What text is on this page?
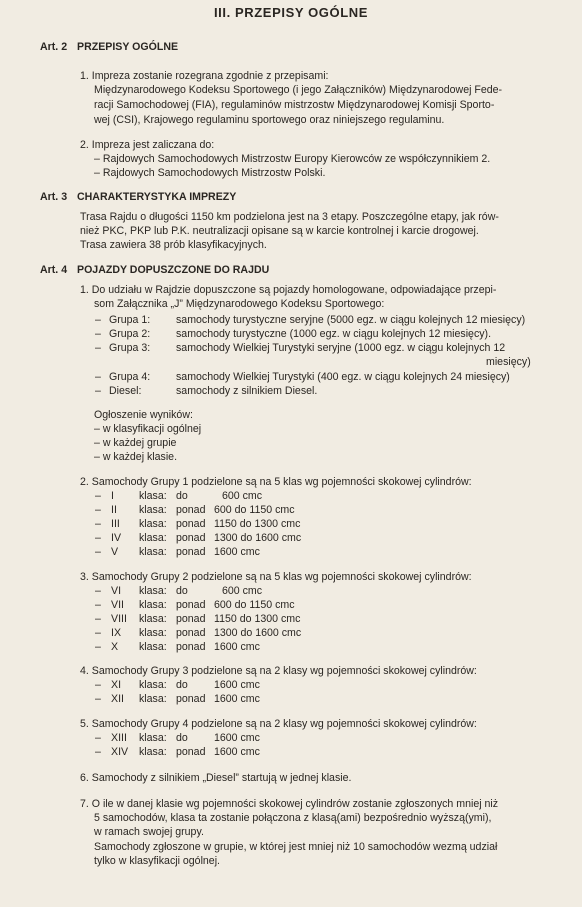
III. PRZEPISY OGÓLNE
Art. 2 PRZEPISY OGÓLNE
1. Impreza zostanie rozegrana zgodnie z przepisami:
Międzynarodowego Kodeksu Sportowego (i jego Załączników) Międzynarodowej Fede-
racji Samochodowej (FIA), regulaminów mistrzostw Międzynarodowej Komisji Sporto-
wej (CSI), Krajowego regulaminu sportowego oraz niniejszego regulaminu.
2. Impreza jest zaliczana do:
– Rajdowych Samochodowych Mistrzostw Europy Kierowców ze współczynnikiem 2.
– Rajdowych Samochodowych Mistrzostw Polski.
Art. 3 CHARAKTERYSTYKA IMPREZY
Trasa Rajdu o długości 1150 km podzielona jest na 3 etapy. Poszczególne etapy, jak rów-
nież PKC, PKP lub P.K. neutralizacji opisane są w karcie kontrolnej i karcie drogowej.
Trasa zawiera 38 prób klasyfikacyjnych.
Art. 4 POJAZDY DOPUSZCZONE DO RAJDU
1. Do udziału w Rajdzie dopuszczone są pojazdy homologowane, odpowiadające przepi-
som Załącznika „J” Międzynarodowego Kodeksu Sportowego:
– Grupa 1: samochody turystyczne seryjne (5000 egz. w ciągu kolejnych 12 miesięcy)
– Grupa 2: samochody turystyczne (1000 egz. w ciągu kolejnych 12 miesięcy).
– Grupa 3: samochody Wielkiej Turystyki seryjne (1000 egz. w ciągu kolejnych 12
miesięcy)
– Grupa 4: samochody Wielkiej Turystyki (400 egz. w ciągu kolejnych 24 miesięcy)
– Diesel:	samochody z silnikiem Diesel.
Ogłoszenie wyników:
– w klasyfikacji ogólnej
– w każdej grupie
– w każdej klasie.
2. Samochody Grupy 1 podzielone są na 5 klas wg pojemności skokowej cylindrów:
– I klasa: do	600 cmc
– II klasa: ponad 600 do 1150 cmc
– III klasa: ponad 1150 do 1300 cmc
– IV klasa: ponad 1300 do 1600 cmc
– V klasa: ponad 1600 cmc
3. Samochody Grupy 2 podzielone są na 5 klas wg pojemności skokowej cylindrów:
– VI klasa: do	600 cmc
– VII klasa: ponad 600 do 1150 cmc
– VIII klasa: ponad 1150 do 1300 cmc
– IX klasa: ponad 1300 do 1600 cmc
– X klasa: ponad 1600 cmc
4. Samochody Grupy 3 podzielone są na 2 klasy wg pojemności skokowej cylindrów:
– XI klasa: do 1600 cmc
– XII klasa: ponad 1600 cmc
5. Samochody Grupy 4 podzielone są na 2 klasy wg pojemności skokowej cylindrów:
– XIII klasa: do 1600 cmc
– XIV klasa: ponad 1600 cmc
6. Samochody z silnikiem „Diesel” startują w jednej klasie.
7. O ile w danej klasie wg pojemności skokowej cylindrów zostanie zgłoszonych mniej niż
5 samochodów, klasa ta zostanie połączona z klasą(ami) bezpośrednio wyższą(ymi),
w ramach swojej grupy.
Samochody zgłoszone w grupie, w której jest mniej niż 10 samochodów wezmą udział
tylko w klasyfikacji ogólnej.
